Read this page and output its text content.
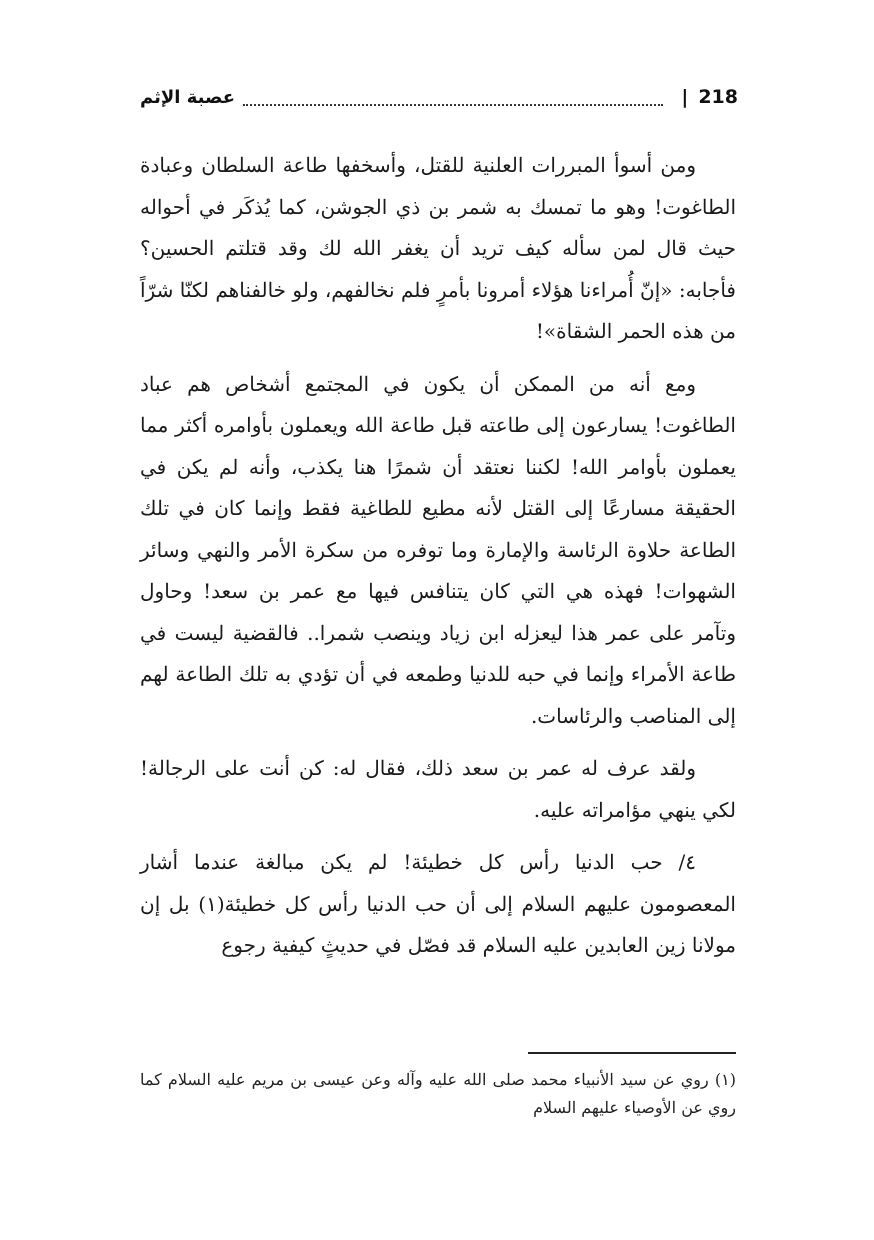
218
|
عصبة الإثم

ومن أسوأ المبررات العلنية للقتل، وأسخفها طاعة السلطان وعبادة الطاغوت! وهو ما تمسك به شمر بن ذي الجوشن، كما يُذكَر في أحواله حيث قال لمن سأله كيف تريد أن يغفر الله لك وقد قتلتم الحسين؟ فأجابه: «إنّ أُمراءنا هؤلاء أمرونا بأمرٍ فلم نخالفهم، ولو خالفناهم لكنّا شرّاً من هذه الحمر الشقاة»!

ومع أنه من الممكن أن يكون في المجتمع أشخاص هم عباد الطاغوت! يسارعون إلى طاعته قبل طاعة الله ويعملون بأوامره أكثر مما يعملون بأوامر الله! لكننا نعتقد أن شمرًا هنا يكذب، وأنه لم يكن في الحقيقة مسارعًا إلى القتل لأنه مطيع للطاغية فقط وإنما كان في تلك الطاعة حلاوة الرئاسة والإمارة وما توفره من سكرة الأمر والنهي وسائر الشهوات! فهذه هي التي كان يتنافس فيها مع عمر بن سعد! وحاول وتآمر على عمر هذا ليعزله ابن زياد وينصب شمرا.. فالقضية ليست في طاعة الأمراء وإنما في حبه للدنيا وطمعه في أن تؤدي به تلك الطاعة لهم إلى المناصب والرئاسات.

ولقد عرف له عمر بن سعد ذلك، فقال له: كن أنت على الرجالة! لكي ينهي مؤامراته عليه.

٤/ حب الدنيا رأس كل خطيئة! لم يكن مبالغة عندما أشار المعصومون عليهم السلام إلى أن حب الدنيا رأس كل خطيئة(١) بل إن مولانا زين العابدين عليه السلام قد فصّل في حديثٍ كيفية رجوع

(١) روي عن سيد الأنبياء محمد صلى الله عليه وآله وعن عيسى بن مريم عليه السلام كما روي عن الأوصياء عليهم السلام
